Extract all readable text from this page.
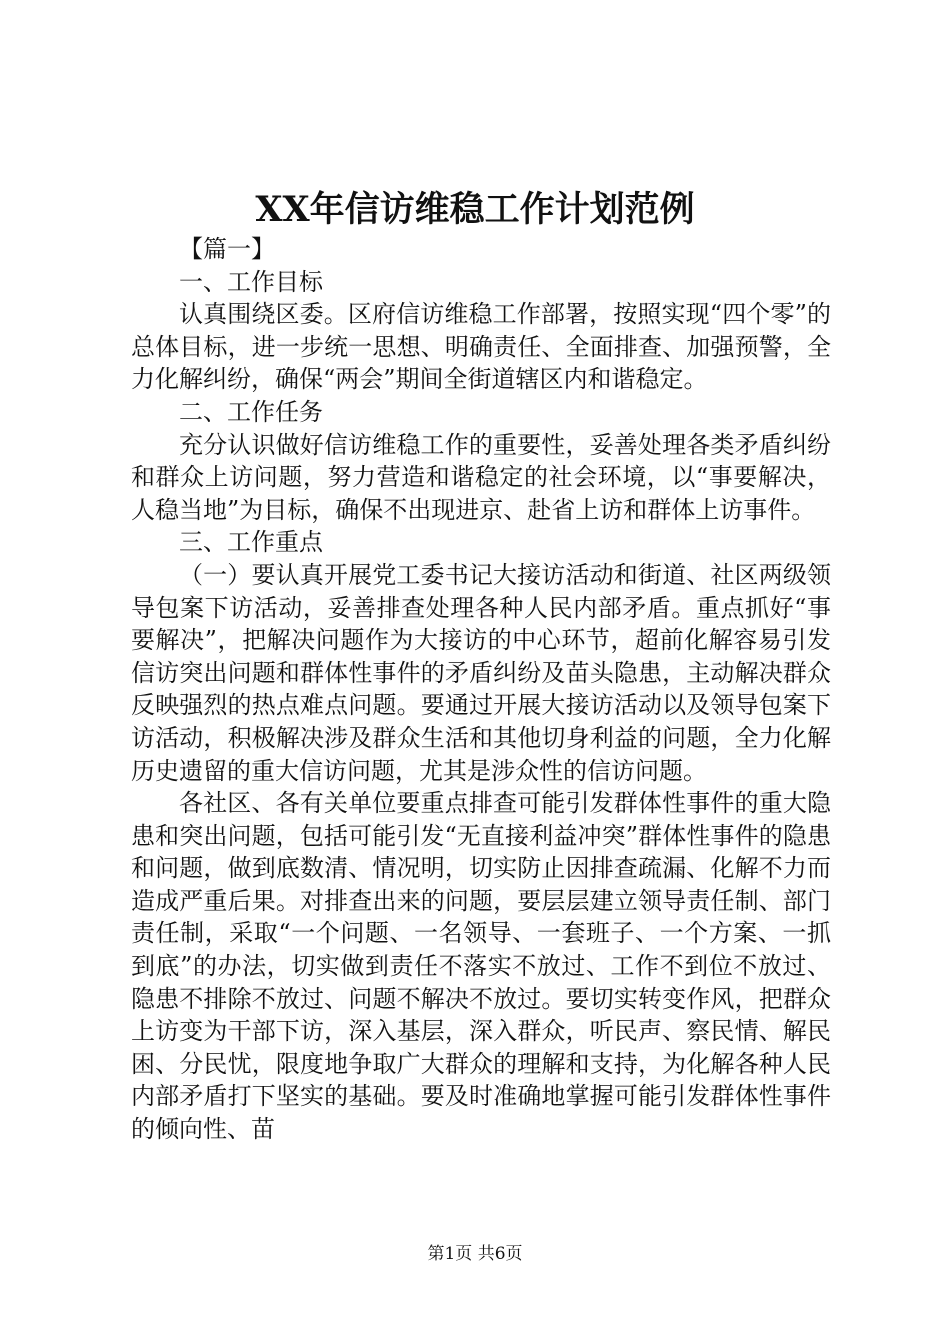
XX年信访维稳工作计划范例

【篇一】

一、工作目标

认真围绕区委。区府信访维稳工作部署，按照实现“四个零”的总体目标，进一步统一思想、明确责任、全面排查、加强预警，全力化解纠纷，确保“两会”期间全街道辖区内和谐稳定。

二、工作任务

充分认识做好信访维稳工作的重要性，妥善处理各类矛盾纠纷和群众上访问题，努力营造和谐稳定的社会环境，以“事要解决，人稳当地”为目标，确保不出现进京、赴省上访和群体上访事件。

三、工作重点

（一）要认真开展党工委书记大接访活动和街道、社区两级领导包案下访活动，妥善排查处理各种人民内部矛盾。重点抓好“事要解决”，把解决问题作为大接访的中心环节，超前化解容易引发信访突出问题和群体性事件的矛盾纠纷及苗头隐患，主动解决群众反映强烈的热点难点问题。要通过开展大接访活动以及领导包案下访活动，积极解决涉及群众生活和其他切身利益的问题，全力化解历史遗留的重大信访问题，尤其是涉众性的信访问题。

各社区、各有关单位要重点排查可能引发群体性事件的重大隐患和突出问题，包括可能引发“无直接利益冲突”群体性事件的隐患和问题，做到底数清、情况明，切实防止因排查疏漏、化解不力而造成严重后果。对排查出来的问题，要层层建立领导责任制、部门责任制，采取“一个问题、一名领导、一套班子、一个方案、一抓到底”的办法，切实做到责任不落实不放过、工作不到位不放过、隐患不排除不放过、问题不解决不放过。要切实转变作风，把群众上访变为干部下访，深入基层，深入群众，听民声、察民情、解民困、分民忧，限度地争取广大群众的理解和支持，为化解各种人民内部矛盾打下坚实的基础。要及时准确地掌握可能引发群体性事件的倾向性、苗

第1页 共6页
